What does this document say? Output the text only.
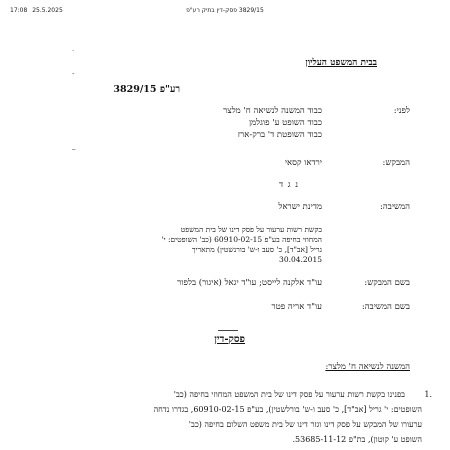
17:08 25.5.2025	3829/15 פסק-דין בתיק רע"פ
.
-
בבית המשפט העליון
רע"פ 3829/15
לפני:
כבוד המשנה לנשיאה ח' מלצר
כבוד השופט ע' פוגלמן
כבוד השופטת ד' ברק-ארז
_
המבקש:
ירדאו קסאי
נ ג ד
המשיבה:
מדינת ישראל
בקשת רשות ערעור על פסק דינו של בית המשפט
המחוזי בחיפה בע"פ 60910-02-15 (כב' השופטים: י'
גריל [אב"ד], כ' סעב ו-ש' בורנשטין) מתאריך
30.04.2015
בשם המבקש:
עו"ד אלקנה לייסט; עו"ד יגאל (איגור) בלפור
בשם המשיבה:
עו"ד אריה פטר
פסק-דין
המשנה לנשיאה ח' מלצר:
1.
בפנינו בקשת רשות ערעור על פסק דינו של בית המשפט המחוזי בחיפה (כב'
השופטים: י' גריל [אב"ד], כ' סעב ו-ש' בורלשטין), בע"פ 60910-02-15, בגדרו נדחה
ערעורו של המבקש על פסק דינו וגזר דינו של בית משפט השלום בחיפה (כב'
השופט ע' קוטון), בת"פ 53685-11-12.
